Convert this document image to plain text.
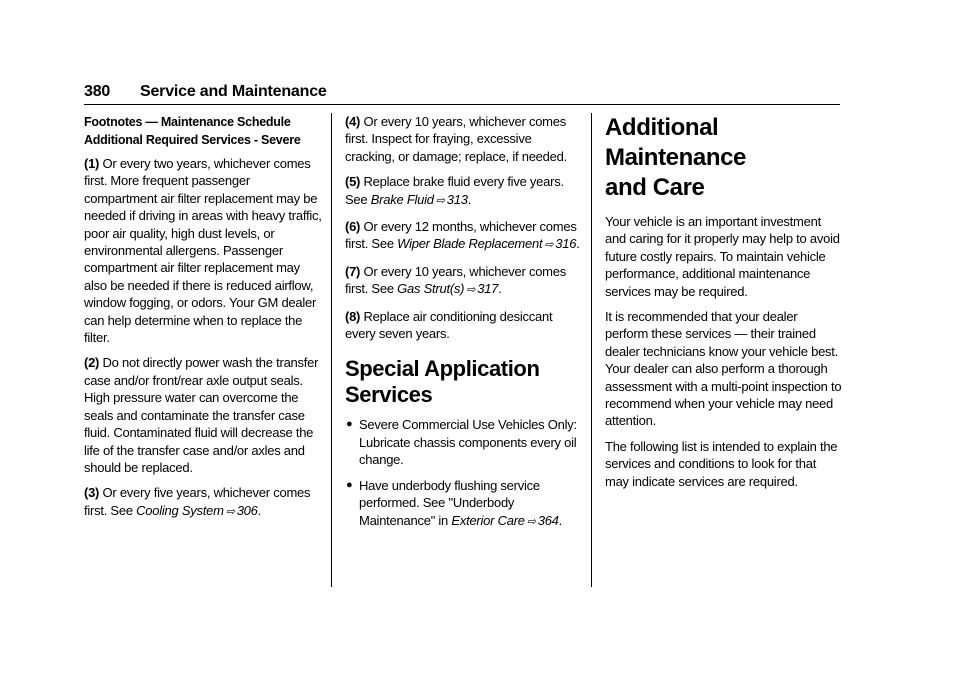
380 Service and Maintenance

Footnotes — Maintenance Schedule

Additional Required Services - Severe

(1) Or every two years, whichever comes first. More frequent passenger compartment air filter replacement may be needed if driving in areas with heavy traffic, poor air quality, high dust levels, or environmental allergens. Passenger compartment air filter replacement may also be needed if there is reduced airflow, window fogging, or odors. Your GM dealer can help determine when to replace the filter.

(2) Do not directly power wash the transfer case and/or front/rear axle output seals. High pressure water can overcome the seals and contaminate the transfer case fluid. Contaminated fluid will decrease the life of the transfer case and/or axles and should be replaced.

(3) Or every five years, whichever comes first. See Cooling System ⇨ 306.

(4) Or every 10 years, whichever comes first. Inspect for fraying, excessive cracking, or damage; replace, if needed.

(5) Replace brake fluid every five years. See Brake Fluid ⇨ 313.

(6) Or every 12 months, whichever comes first. See Wiper Blade Replacement ⇨ 316.

(7) Or every 10 years, whichever comes first. See Gas Strut(s) ⇨ 317.

(8) Replace air conditioning desiccant every seven years.

Special Application Services
● Severe Commercial Use Vehicles Only: Lubricate chassis components every oil change.
● Have underbody flushing service performed. See "Underbody Maintenance" in Exterior Care ⇨ 364.
Additional Maintenance
and Care

Your vehicle is an important investment and caring for it properly may help to avoid future costly repairs. To maintain vehicle performance, additional maintenance services may be required.

It is recommended that your dealer perform these services — their trained dealer technicians know your vehicle best. Your dealer can also perform a thorough assessment with a multi-point inspection to recommend when your vehicle may need attention.

The following list is intended to explain the services and conditions to look for that may indicate services are required.
